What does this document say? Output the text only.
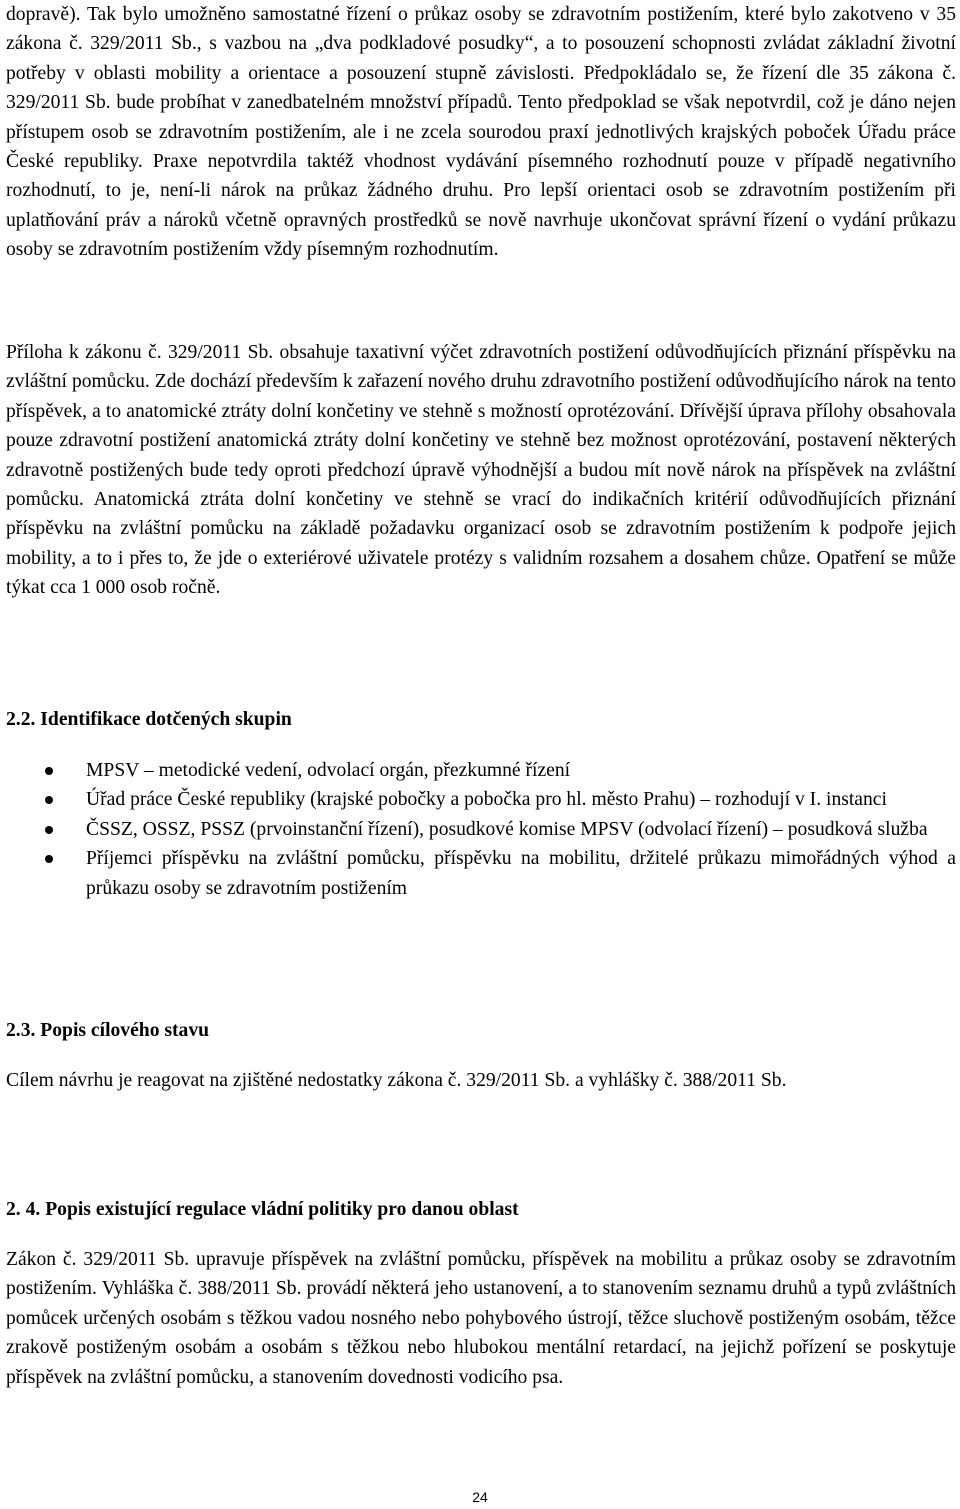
dopravě). Tak bylo umožněno samostatné řízení o průkaz osoby se zdravotním postižením, které bylo zakotveno v 35 zákona č. 329/2011 Sb., s vazbou na „dva podkladové posudky“, a to posouzení schopnosti zvládat základní životní potřeby v oblasti mobility a orientace a posouzení stupně závislosti. Předpokládalo se, že řízení dle 35 zákona č. 329/2011 Sb. bude probíhat v zanedbatelném množství případů. Tento předpoklad se však nepotvrdil, což je dáno nejen přístupem osob se zdravotním postižením, ale i ne zcela sourodou praxí jednotlivých krajských poboček Úřadu práce České republiky. Praxe nepotvrdila taktéž vhodnost vydávání písemného rozhodnutí pouze v případě negativního rozhodnutí, to je, není-li nárok na průkaz žádného druhu. Pro lepší orientaci osob se zdravotním postižením při uplatňování práv a nároků včetně opravných prostředků se nově navrhuje ukončovat správní řízení o vydání průkazu osoby se zdravotním postižením vždy písemným rozhodnutím.

Příloha k zákonu č. 329/2011 Sb. obsahuje taxativní výčet zdravotních postižení odůvodňujících přiznání příspěvku na zvláštní pomůcku. Zde dochází především k zařazení nového druhu zdravotního postižení odůvodňujícího nárok na tento příspěvek, a to anatomické ztráty dolní končetiny ve stehně s možností oprotézování. Dřívější úprava přílohy obsahovala pouze zdravotní postižení anatomická ztráty dolní končetiny ve stehně bez možnost oprotézování, postavení některých zdravotně postižených bude tedy oproti předchozí úpravě výhodnější a budou mít nově nárok na příspěvek na zvláštní pomůcku. Anatomická ztráta dolní končetiny ve stehně se vrací do indikačních kritérií odůvodňujících přiznání příspěvku na zvláštní pomůcku na základě požadavku organizací osob se zdravotním postižením k podpoře jejich mobility, a to i přes to, že jde o exteriérové uživatele protézy s validním rozsahem a dosahem chůze. Opatření se může týkat cca 1 000 osob ročně.

2.2. Identifikace dotčených skupin
MPSV – metodické vedení, odvolací orgán, přezkumné řízení
Úřad práce České republiky (krajské pobočky a pobočka pro hl. město Prahu) – rozhodují v I. instanci
ČSSZ, OSSZ, PSSZ (prvoinstanční řízení), posudkové komise MPSV (odvolací řízení) – posudková služba
Příjemci příspěvku na zvláštní pomůcku, příspěvku na mobilitu, držitelé průkazu mimořádných výhod a průkazu osoby se zdravotním postižením
2.3. Popis cílového stavu

Cílem návrhu je reagovat na zjištěné nedostatky zákona č. 329/2011 Sb. a vyhlášky č. 388/2011 Sb.

2. 4. Popis existující regulace vládní politiky pro danou oblast

Zákon č. 329/2011 Sb. upravuje příspěvek na zvláštní pomůcku, příspěvek na mobilitu a průkaz osoby se zdravotním postižením. Vyhláška č. 388/2011 Sb. provádí některá jeho ustanovení, a to stanovením seznamu druhů a typů zvláštních pomůcek určených osobám s těžkou vadou nosného nebo pohybového ústrojí, těžce sluchově postiženým osobám, těžce zrakově postiženým osobám a osobám s těžkou nebo hlubokou mentální retardací, na jejichž pořízení se poskytuje příspěvek na zvláštní pomůcku, a stanovením dovednosti vodicího psa.

24
